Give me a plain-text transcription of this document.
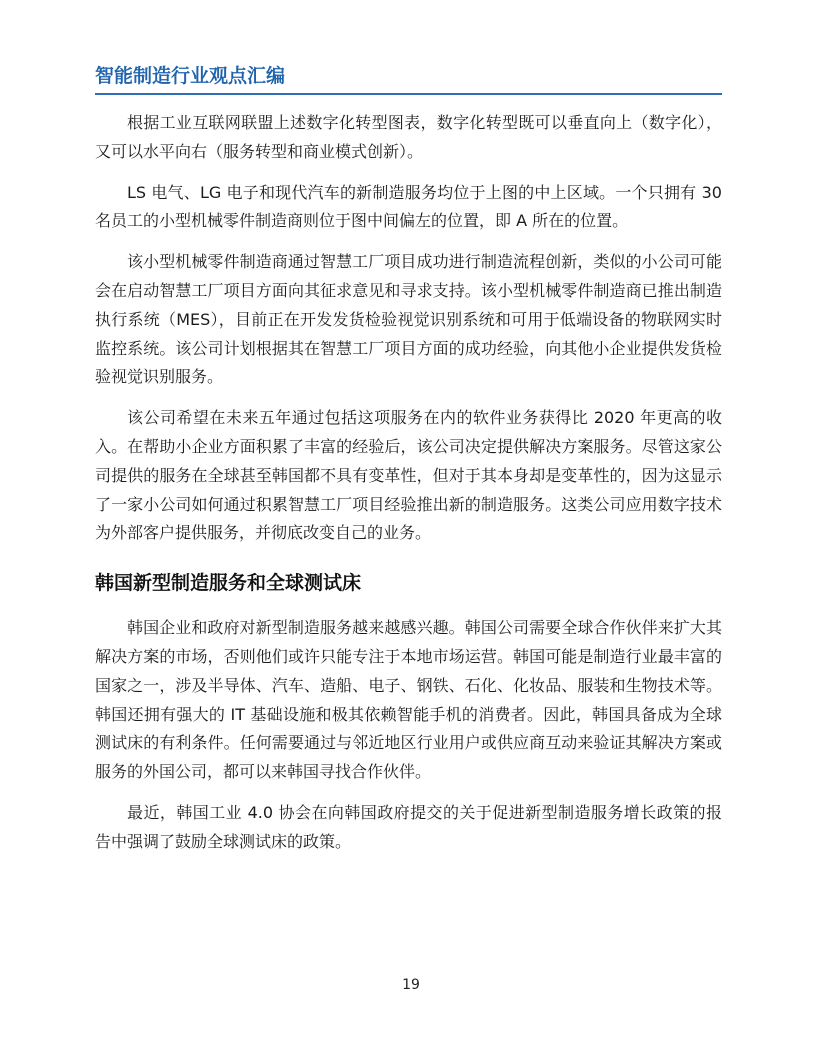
智能制造行业观点汇编

根据工业互联网联盟上述数字化转型图表，数字化转型既可以垂直向上（数字化），又可以水平向右（服务转型和商业模式创新）。

LS 电气、LG 电子和现代汽车的新制造服务均位于上图的中上区域。一个只拥有 30 名员工的小型机械零件制造商则位于图中间偏左的位置，即 A 所在的位置。

该小型机械零件制造商通过智慧工厂项目成功进行制造流程创新，类似的小公司可能会在启动智慧工厂项目方面向其征求意见和寻求支持。该小型机械零件制造商已推出制造执行系统（MES），目前正在开发发货检验视觉识别系统和可用于低端设备的物联网实时监控系统。该公司计划根据其在智慧工厂项目方面的成功经验，向其他小企业提供发货检验视觉识别服务。

该公司希望在未来五年通过包括这项服务在内的软件业务获得比 2020 年更高的收入。在帮助小企业方面积累了丰富的经验后，该公司决定提供解决方案服务。尽管这家公司提供的服务在全球甚至韩国都不具有变革性，但对于其本身却是变革性的，因为这显示了一家小公司如何通过积累智慧工厂项目经验推出新的制造服务。这类公司应用数字技术为外部客户提供服务，并彻底改变自己的业务。

韩国新型制造服务和全球测试床

韩国企业和政府对新型制造服务越来越感兴趣。韩国公司需要全球合作伙伴来扩大其解决方案的市场，否则他们或许只能专注于本地市场运营。韩国可能是制造行业最丰富的国家之一，涉及半导体、汽车、造船、电子、钢铁、石化、化妆品、服装和生物技术等。韩国还拥有强大的 IT 基础设施和极其依赖智能手机的消费者。因此，韩国具备成为全球测试床的有利条件。任何需要通过与邻近地区行业用户或供应商互动来验证其解决方案或服务的外国公司，都可以来韩国寻找合作伙伴。

最近，韩国工业 4.0 协会在向韩国政府提交的关于促进新型制造服务增长政策的报告中强调了鼓励全球测试床的政策。

19
